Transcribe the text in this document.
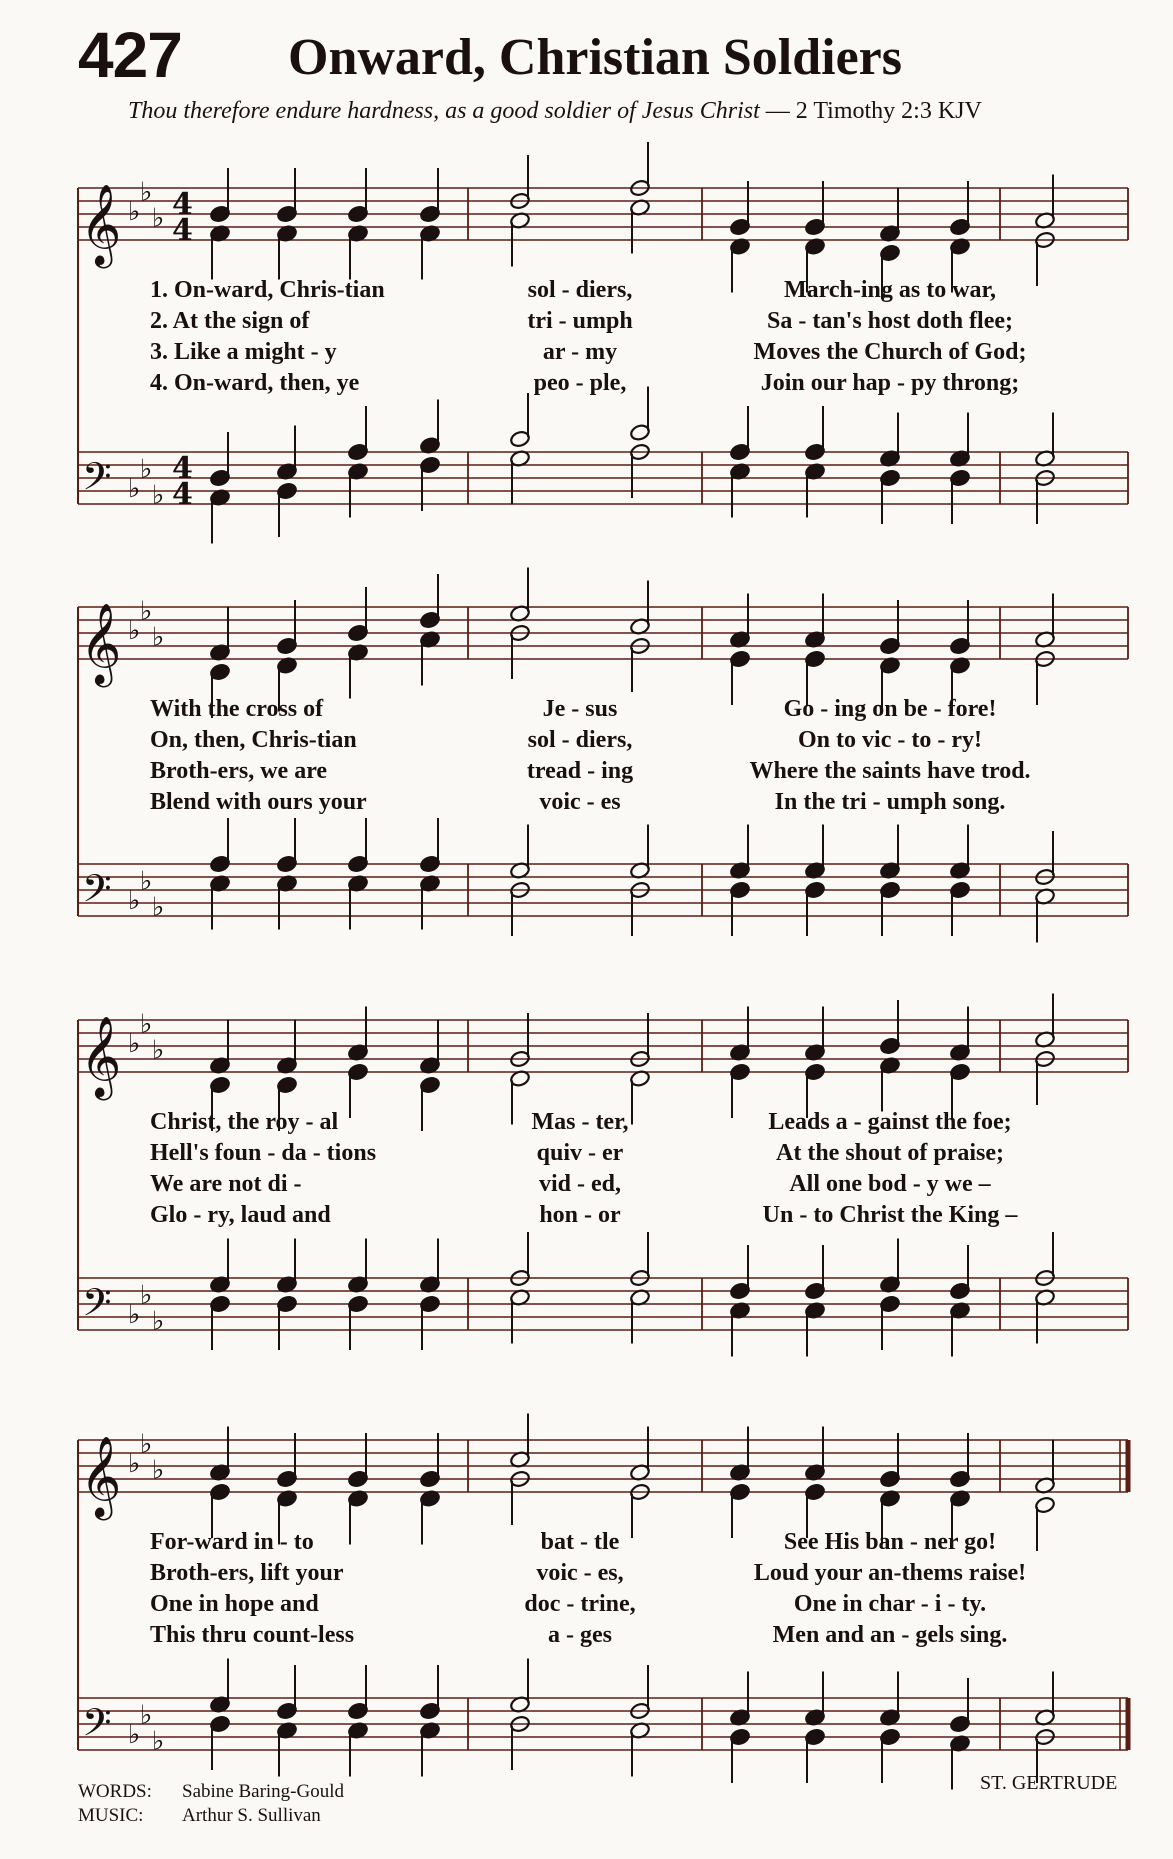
427 Onward, Christian Soldiers
Thou therefore endure hardness, as a good soldier of Jesus Christ — 2 Timothy 2:3 KJV
𝄞 ♭
♭
♭ 4
4
𝄢 ♭
♭
♭
4
4
𝄞 ♭
♭
♭
𝄢 ♭
♭
♭
𝄞 ♭
♭
♭
𝄢 ♭
♭
♭
𝄞 ♭
♭
♭
𝄢 ♭
♭
♭
1. On-ward, Chris-tian	sol - diers,	March-ing as to war,
2. At the sign of	tri - umph	Sa - tan's host doth flee;
3. Like a might - y	ar - my	Moves the Church of God;
4. On-ward, then, ye	peo - ple,	Join our hap - py throng;
With the cross of	Je - sus	Go - ing on be - fore!
On, then, Chris-tian	sol - diers,	On to vic - to - ry!
Broth-ers, we are	tread - ing	Where the saints have trod.
Blend with ours your	voic - es	In the tri - umph song.
Christ, the roy - al	Mas - ter,	Leads a - gainst the foe;
Hell's foun - da - tions	quiv - er	At the shout of praise;
We are not di -	vid - ed,	All one bod - y we –
Glo - ry, laud and	hon - or	Un - to Christ the King –
For-ward in - to	bat - tle	See His ban - ner go!
Broth-ers, lift your	voic - es,	Loud your an-thems raise!
One in hope and	doc - trine,	One in char - i - ty.
This thru count-less	a - ges	Men and an - gels sing.
WORDS: Sabine Baring-Gould
MUSIC: Arthur S. Sullivan
ST. GERTRUDE
